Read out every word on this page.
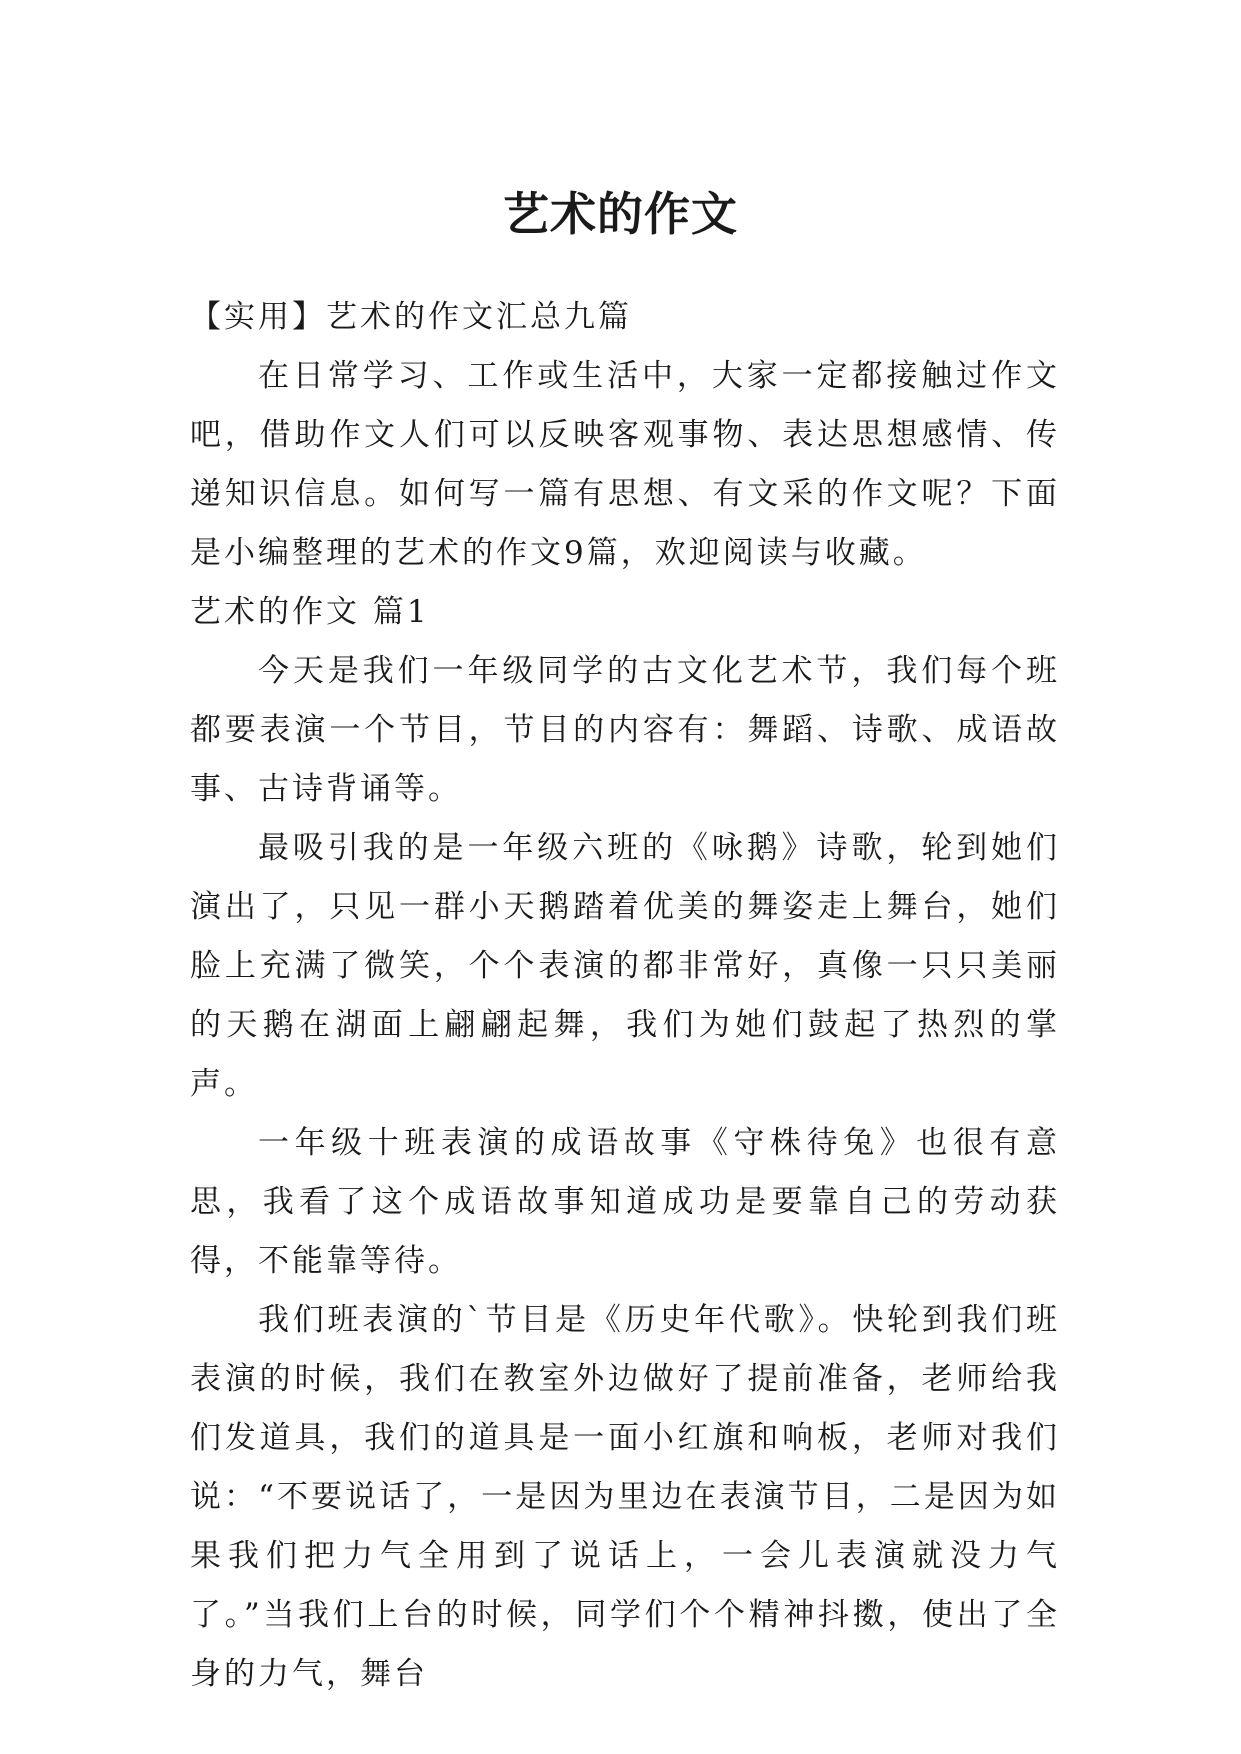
艺术的作文

【实用】艺术的作文汇总九篇

在日常学习、工作或生活中，大家一定都接触过作文吧，借助作文人们可以反映客观事物、表达思想感情、传递知识信息。如何写一篇有思想、有文采的作文呢？下面是小编整理的艺术的作文9篇，欢迎阅读与收藏。

艺术的作文 篇1

今天是我们一年级同学的古文化艺术节，我们每个班都要表演一个节目，节目的内容有：舞蹈、诗歌、成语故事、古诗背诵等。

最吸引我的是一年级六班的《咏鹅》诗歌，轮到她们演出了，只见一群小天鹅踏着优美的舞姿走上舞台，她们脸上充满了微笑，个个表演的都非常好，真像一只只美丽的天鹅在湖面上翩翩起舞，我们为她们鼓起了热烈的掌声。

一年级十班表演的成语故事《守株待兔》也很有意思，我看了这个成语故事知道成功是要靠自己的劳动获得，不能靠等待。

我们班表演的`节目是《历史年代歌》。快轮到我们班表演的时候，我们在教室外边做好了提前准备，老师给我们发道具，我们的道具是一面小红旗和响板，老师对我们说：“不要说话了，一是因为里边在表演节目，二是因为如果我们把力气全用到了说话上，一会儿表演就没力气了。”当我们上台的时候，同学们个个精神抖擞，使出了全身的力气，舞台
